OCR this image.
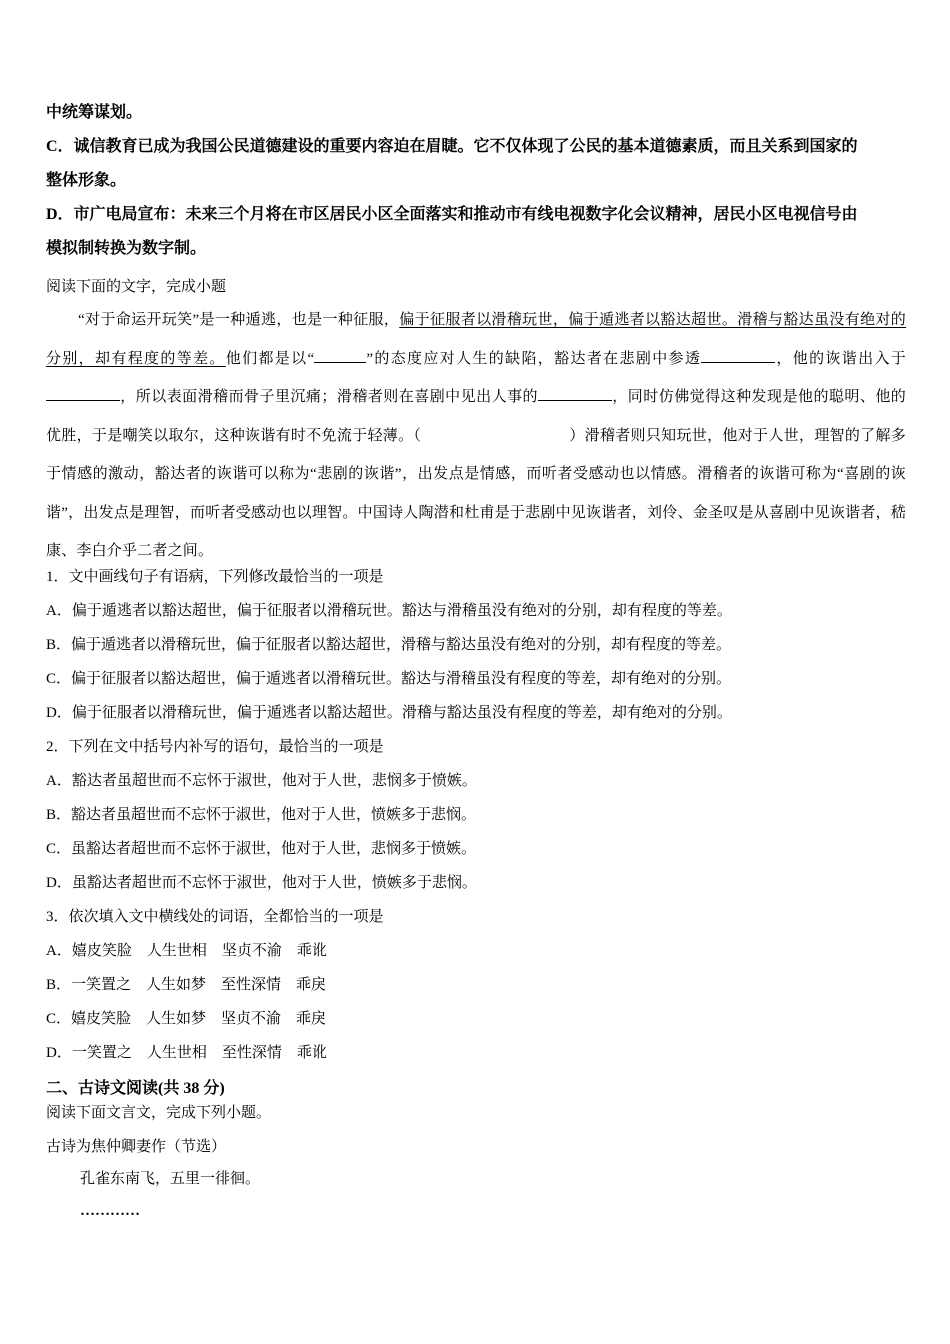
中统筹谋划。
C．诚信教育已成为我国公民道德建设的重要内容迫在眉睫。它不仅体现了公民的基本道德素质，而且关系到国家的
整体形象。
D．市广电局宣布：未来三个月将在市区居民小区全面落实和推动市有线电视数字化会议精神，居民小区电视信号由
模拟制转换为数字制。
阅读下面的文字，完成小题
“对于命运开玩笑”是一种遁逃，也是一种征服，偏于征服者以滑稽玩世，偏于遁逃者以豁达超世。滑稽与豁达虽没有绝对的分别，却有程度的等差。他们都是以“	”的态度应对人生的缺陷，豁达者在悲剧中参透	，他的诙谐出入于，所以表面滑稽而骨子里沉痛；滑稽者则在喜剧中见出人事的	，同时仿佛觉得这种发现是他的聪明、他的优胜，于是嘲笑以取尔，这种诙谐有时不免流于轻薄。（	）滑稽者则只知玩世，他对于人世，理智的了解多于情感的激动，豁达者的诙谐可以称为“悲剧的诙谐”，出发点是情感，而听者受感动也以情感。滑稽者的诙谐可称为“喜剧的诙谐”，出发点是理智，而听者受感动也以理智。中国诗人陶潜和杜甫是于悲剧中见诙谐者，刘伶、金圣叹是从喜剧中见诙谐者，嵇康、李白介乎二者之间。
1．文中画线句子有语病，下列修改最恰当的一项是
A．偏于遁逃者以豁达超世，偏于征服者以滑稽玩世。豁达与滑稽虽没有绝对的分别，却有程度的等差。
B．偏于遁逃者以滑稽玩世，偏于征服者以豁达超世，滑稽与豁达虽没有绝对的分别，却有程度的等差。
C．偏于征服者以豁达超世，偏于遁逃者以滑稽玩世。豁达与滑稽虽没有程度的等差，却有绝对的分别。
D．偏于征服者以滑稽玩世，偏于遁逃者以豁达超世。滑稽与豁达虽没有程度的等差，却有绝对的分别。
2．下列在文中括号内补写的语句，最恰当的一项是
A．豁达者虽超世而不忘怀于淑世，他对于人世，悲悯多于愤嫉。
B．豁达者虽超世而不忘怀于淑世，他对于人世，愤嫉多于悲悯。
C．虽豁达者超世而不忘怀于淑世，他对于人世，悲悯多于愤嫉。
D．虽豁达者超世而不忘怀于淑世，他对于人世，愤嫉多于悲悯。
3．依次填入文中横线处的词语，全都恰当的一项是
A．嬉皮笑脸　人生世相　坚贞不渝　乖讹
B．一笑置之　人生如梦　至性深情　乖戾
C．嬉皮笑脸　人生如梦　坚贞不渝　乖戾
D．一笑置之　人生世相　至性深情　乖讹
二、古诗文阅读(共 38 分)
阅读下面文言文，完成下列小题。
古诗为焦仲卿妻作（节选）
孔雀东南飞，五里一徘徊。
…………
